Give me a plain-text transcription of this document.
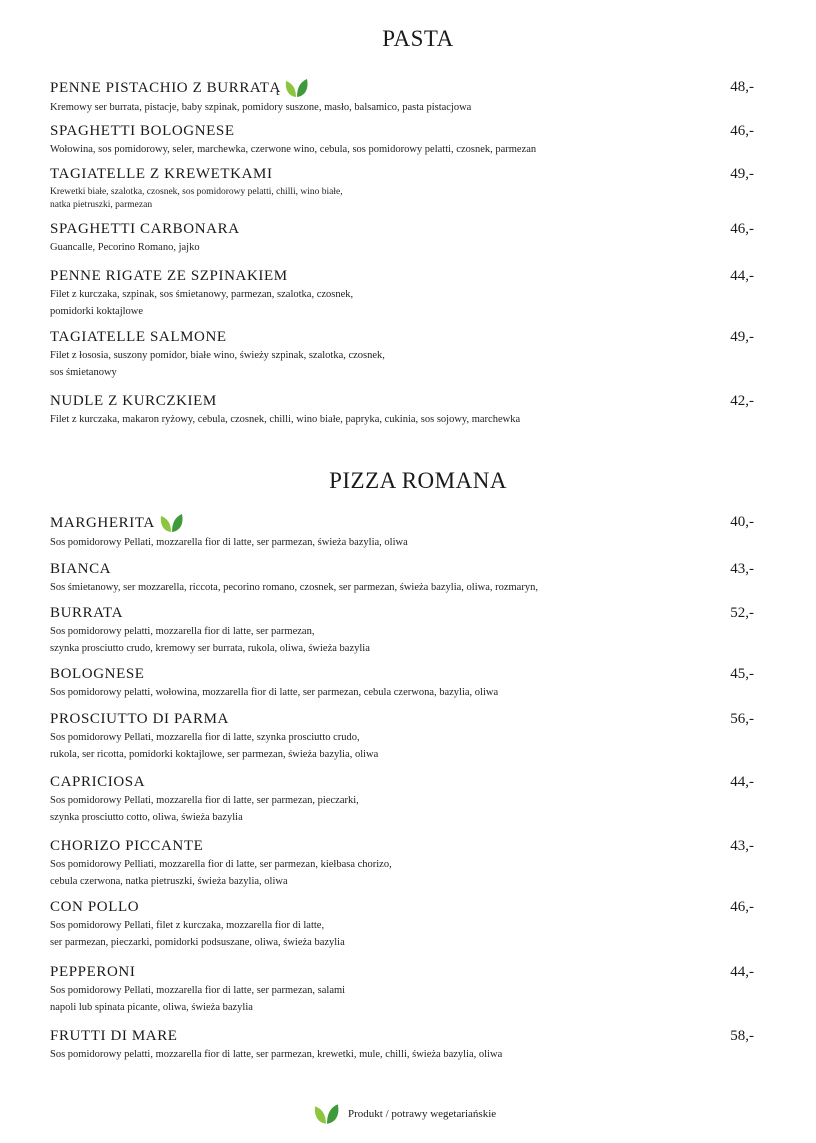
PASTA
PENNE PISTACHIO Z BURRATĄ
Kremowy ser burrata, pistacje, baby szpinak, pomidory suszone, masło, balsamico, pasta pistacjowa
48,-
SPAGHETTI BOLOGNESE
Wołowina, sos pomidorowy, seler, marchewka, czerwone wino, cebula, sos pomidorowy pelatti, czosnek, parmezan
46,-
TAGIATELLE Z KREWETKAMI
Krewetki białe, szalotka, czosnek, sos pomidorowy pelatti, chilli, wino białe,
natka pietruszki, parmezan
49,-
SPAGHETTI CARBONARA
Guancalle, Pecorino Romano, jajko
46,-
PENNE RIGATE ZE SZPINAKIEM
Filet z kurczaka, szpinak, sos śmietanowy, parmezan, szalotka, czosnek,
pomidorki koktajlowe
44,-
TAGIATELLE SALMONE
Filet z łososia, suszony pomidor, białe wino, świeży szpinak, szalotka, czosnek,
sos śmietanowy
49,-
NUDLE Z KURCZKIEM
Filet z kurczaka, makaron ryżowy, cebula, czosnek, chilli, wino białe, papryka, cukinia, sos sojowy, marchewka
42,-
PIZZA ROMANA
MARGHERITA
Sos pomidorowy Pellati, mozzarella fior di latte, ser parmezan, świeża bazylia, oliwa
40,-
BIANCA
Sos śmietanowy, ser mozzarella, riccota, pecorino romano, czosnek, ser parmezan, świeża bazylia, oliwa, rozmaryn,
43,-
BURRATA
Sos pomidorowy pelatti, mozzarella fior di latte, ser parmezan,
szynka prosciutto crudo, kremowy ser burrata, rukola, oliwa, świeża bazylia
52,-
BOLOGNESE
Sos pomidorowy pelatti, wołowina, mozzarella fior di latte, ser parmezan, cebula czerwona, bazylia, oliwa
45,-
PROSCIUTTO DI PARMA
Sos pomidorowy Pellati, mozzarella fior di latte, szynka prosciutto crudo,
rukola, ser ricotta, pomidorki koktajlowe, ser parmezan, świeża bazylia, oliwa
56,-
CAPRICIOSA
Sos pomidorowy Pellati, mozzarella fior di latte, ser parmezan, pieczarki,
szynka prosciutto cotto, oliwa, świeża bazylia
44,-
CHORIZO PICCANTE
Sos pomidorowy Pelliati, mozzarella fior di latte, ser parmezan, kiełbasa chorizo,
cebula czerwona, natka pietruszki, świeża bazylia, oliwa
43,-
CON POLLO
Sos pomidorowy Pellati, filet z kurczaka, mozzarella fior di latte,
ser parmezan, pieczarki, pomidorki podsuszane, oliwa, świeża bazylia
46,-
PEPPERONI
Sos pomidorowy Pellati, mozzarella fior di latte, ser parmezan, salami
napoli lub spinata picante, oliwa, świeża bazylia
44,-
FRUTTI DI MARE
Sos pomidorowy pelatti, mozzarella fior di latte, ser parmezan, krewetki, mule, chilli, świeża bazylia, oliwa
58,-
Produkt / potrawy wegetariańskie
